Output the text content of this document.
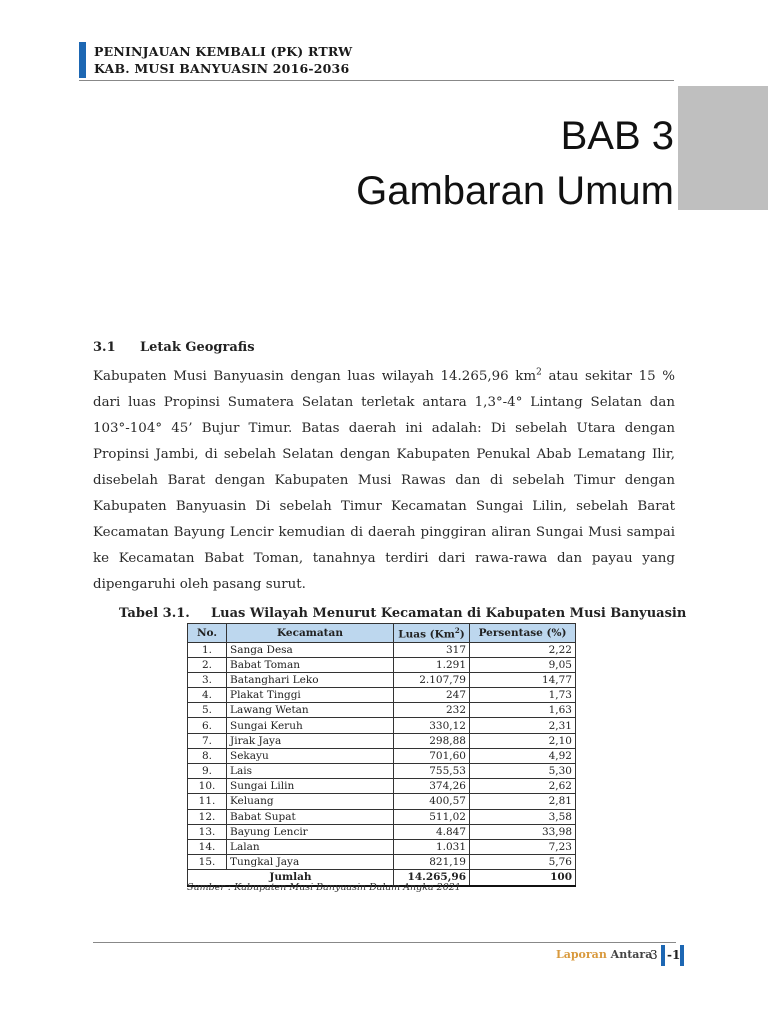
PENINJAUAN KEMBALI (PK) RTRW
KAB. MUSI BANYUASIN 2016-2036
BAB 3
Gambaran Umum
3.1 Letak Geografis

Kabupaten Musi Banyuasin dengan luas wilayah 14.265,96 $km^2$ atau sekitar 15 % dari luas Propinsi Sumatera Selatan terletak antara 1,3°-4° Lintang Selatan dan 103°-104° 45’ Bujur Timur. Batas daerah ini adalah: Di sebelah Utara dengan Propinsi Jambi, di sebelah Selatan dengan Kabupaten Penukal Abab Lematang Ilir, disebelah Barat dengan Kabupaten Musi Rawas dan di sebelah Timur dengan Kabupaten Banyuasin Di sebelah Timur Kecamatan Sungai Lilin, sebelah Barat Kecamatan Bayung Lencir kemudian di daerah pinggiran aliran Sungai Musi sampai ke Kecamatan Babat Toman, tanahnya terdiri dari rawa-rawa dan payau yang dipengaruhi oleh pasang surut.

Tabel 3.1. Luas Wilayah Menurut Kecamatan di Kabupaten Musi Banyuasin
No.	Kecamatan	Luas (Km$^2$)	Persentase (%)
1.	Sanga Desa	317	2,22
2.	Babat Toman	1.291	9,05
3.	Batanghari Leko	2.107,79	14,77
4.	Plakat Tinggi	247	1,73
5.	Lawang Wetan	232	1,63
6.	Sungai Keruh	330,12	2,31
7.	Jirak Jaya	298,88	2,10
8.	Sekayu	701,60	4,92
9.	Lais	755,53	5,30
10.	Sungai Lilin	374,26	2,62
11.	Keluang	400,57	2,81
12.	Babat Supat	511,02	3,58
13.	Bayung Lencir	4.847	33,98
14.	Lalan	1.031	7,23
15.	Tungkal Jaya	821,19	5,76
Jumlah		14.265,96	100
Sumber : Kabupaten Musi Banyuasin Dalam Angka 2021
Laporan Antara
3 -1
